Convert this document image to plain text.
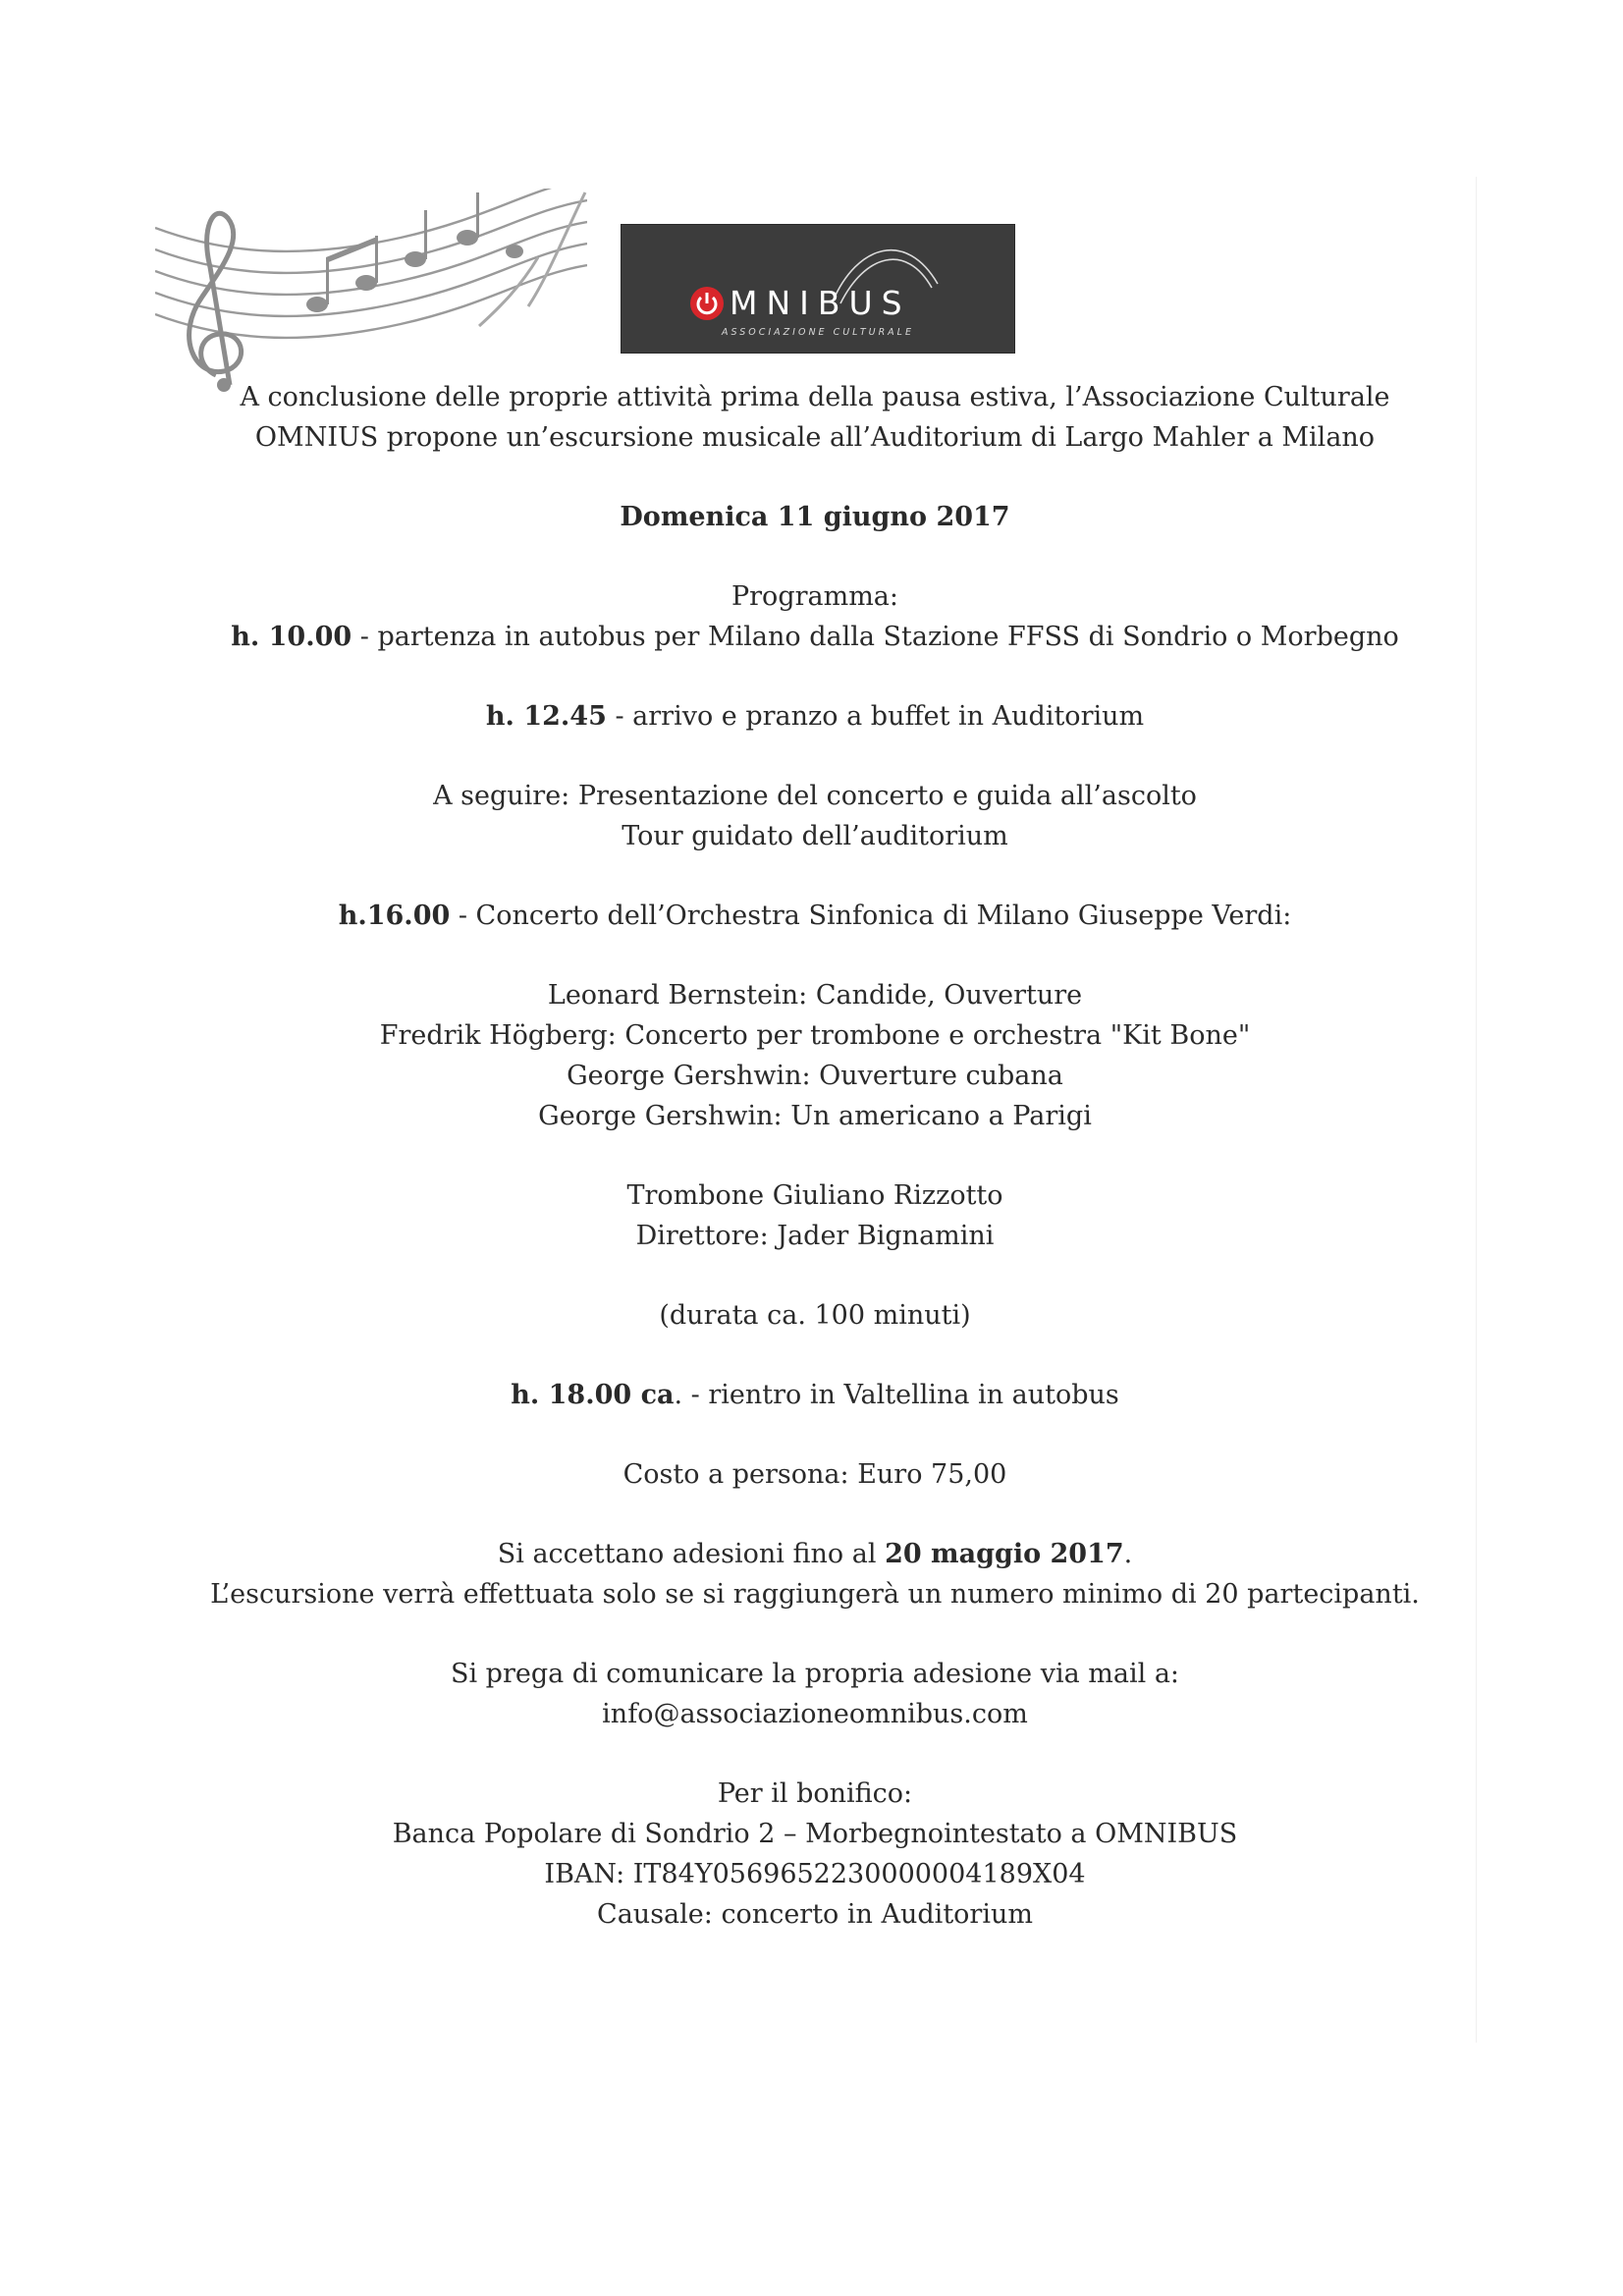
MNIBUS
ASSOCIAZIONE CULTURALE

A conclusione delle proprie attività prima della pausa estiva, l’Associazione Culturale

OMNIUS propone un’escursione musicale all’Auditorium di Largo Mahler a Milano

Domenica 11 giugno 2017

Programma:

h. 10.00 - partenza in autobus per Milano dalla Stazione FFSS di Sondrio o Morbegno

h. 12.45 - arrivo e pranzo a buffet in Auditorium

A seguire: Presentazione del concerto e guida all’ascolto

Tour guidato dell’auditorium

h.16.00 - Concerto dell’Orchestra Sinfonica di Milano Giuseppe Verdi:

Leonard Bernstein: Candide, Ouverture

Fredrik Högberg: Concerto per trombone e orchestra "Kit Bone"

George Gershwin: Ouverture cubana

George Gershwin: Un americano a Parigi

Trombone Giuliano Rizzotto

Direttore: Jader Bignamini

(durata ca. 100 minuti)

h. 18.00 ca. - rientro in Valtellina in autobus

Costo a persona: Euro 75,00

Si accettano adesioni fino al 20 maggio 2017.

L’escursione verrà effettuata solo se si raggiungerà un numero minimo di 20 partecipanti.

Si prega di comunicare la propria adesione via mail a:

info@associazioneomnibus.com

Per il bonifico:

Banca Popolare di Sondrio 2 – Morbegnointestato a OMNIBUS

IBAN: IT84Y0569652230000004189X04

Causale: concerto in Auditorium
